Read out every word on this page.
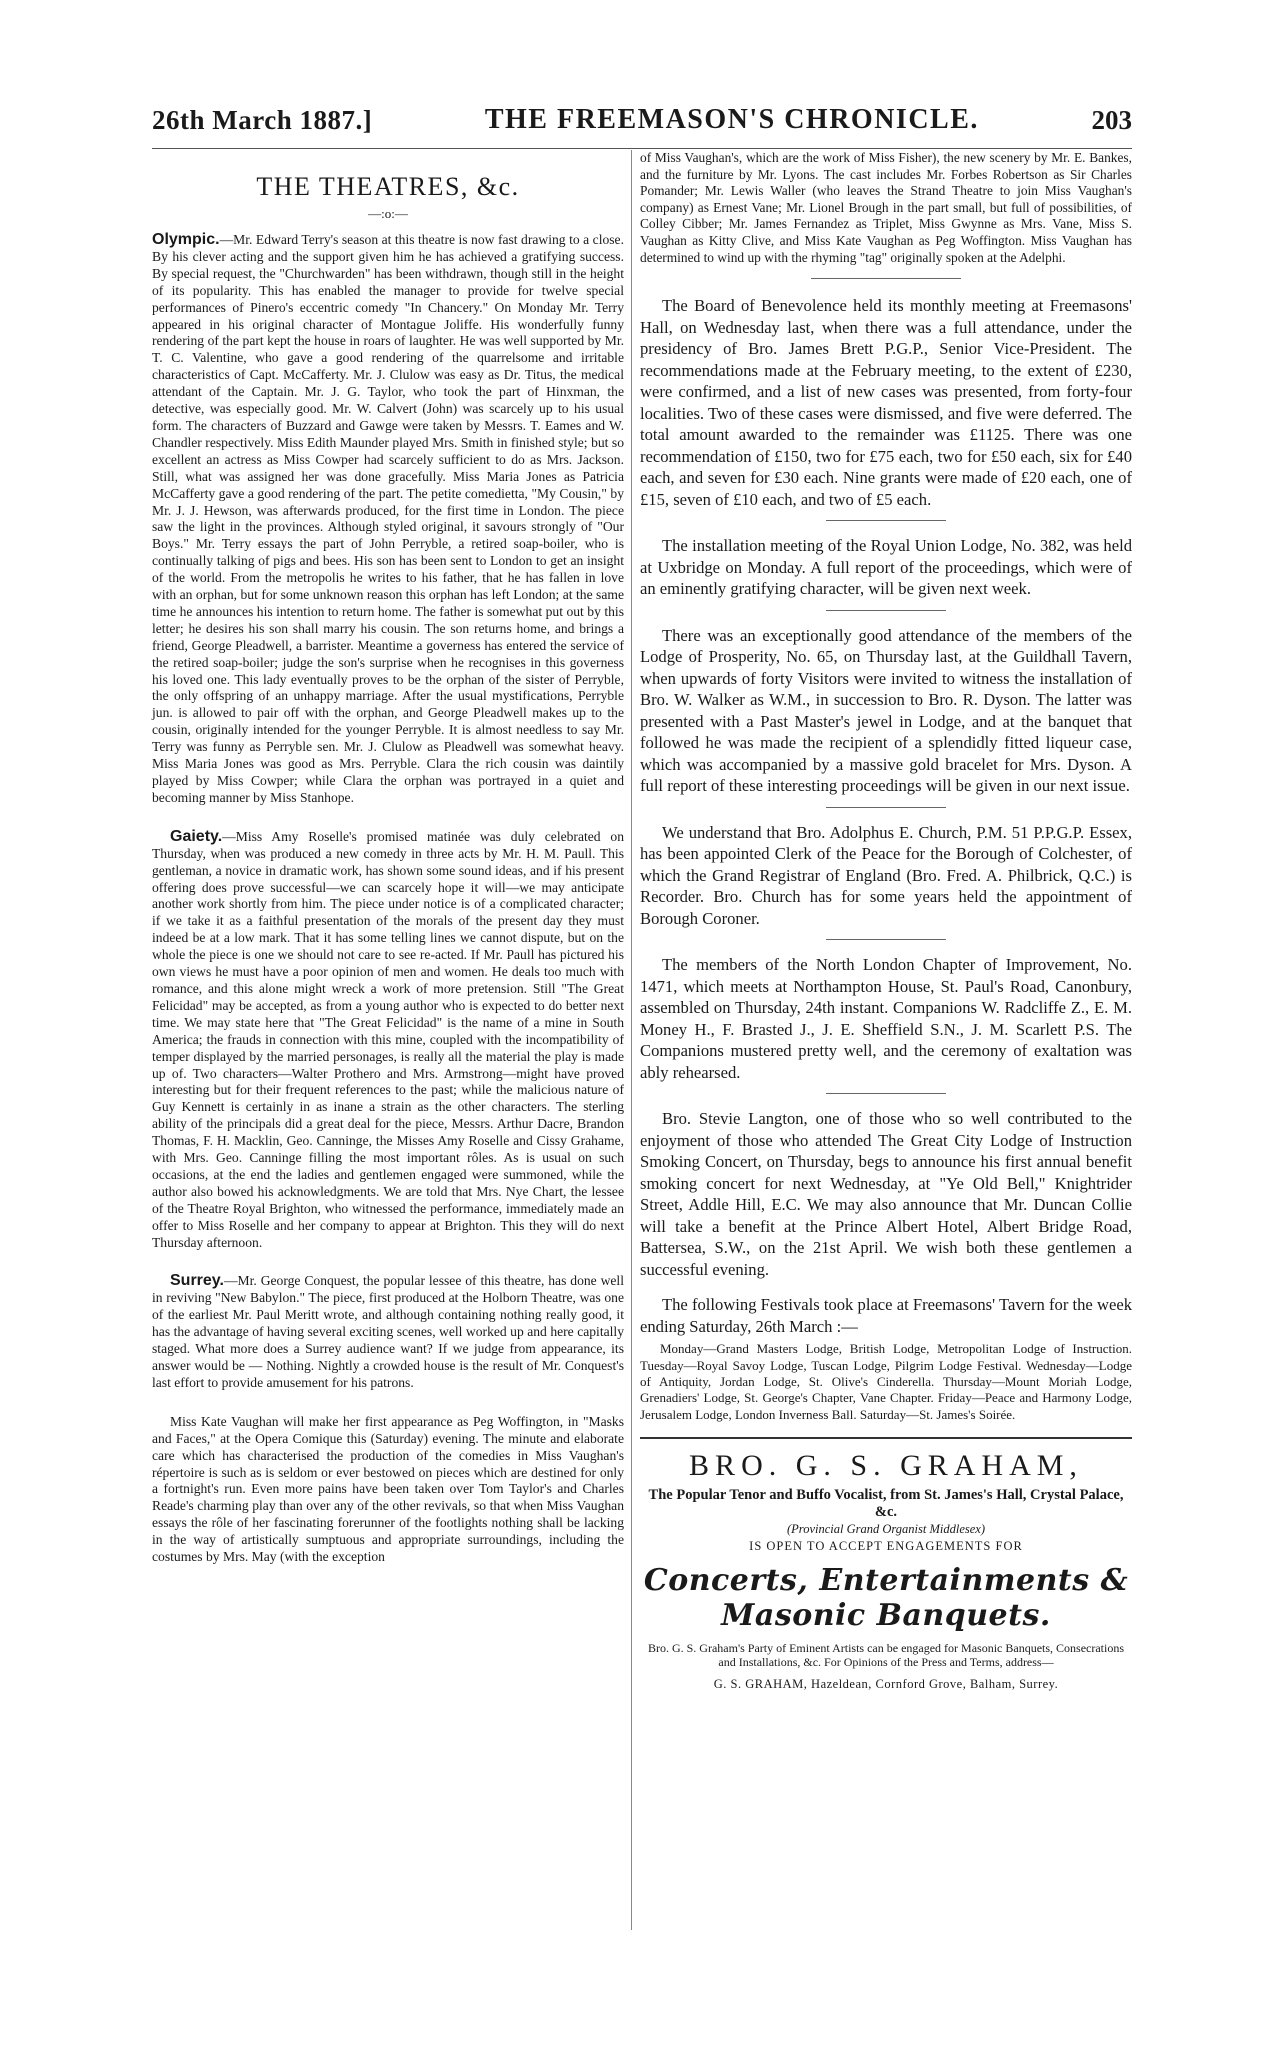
26th March 1887.]	THE FREEMASON'S CHRONICLE.	203
THE THEATRES, &c.
—:o:—

Olympic.—Mr. Edward Terry's season at this theatre is now fast drawing to a close. By his clever acting and the support given him he has achieved a gratifying success. By special request, the "Churchwarden" has been withdrawn, though still in the height of its popularity. This has enabled the manager to provide for twelve special performances of Pinero's eccentric comedy "In Chancery." On Monday Mr. Terry appeared in his original character of Montague Joliffe. His wonderfully funny rendering of the part kept the house in roars of laughter. He was well supported by Mr. T. C. Valentine, who gave a good rendering of the quarrelsome and irritable characteristics of Capt. McCafferty. Mr. J. Clulow was easy as Dr. Titus, the medical attendant of the Captain. Mr. J. G. Taylor, who took the part of Hinxman, the detective, was especially good. Mr. W. Calvert (John) was scarcely up to his usual form. The characters of Buzzard and Gawge were taken by Messrs. T. Eames and W. Chandler respectively. Miss Edith Maunder played Mrs. Smith in finished style; but so excellent an actress as Miss Cowper had scarcely sufficient to do as Mrs. Jackson. Still, what was assigned her was done gracefully. Miss Maria Jones as Patricia McCafferty gave a good rendering of the part. The petite comedietta, "My Cousin," by Mr. J. J. Hewson, was afterwards produced, for the first time in London. The piece saw the light in the provinces. Although styled original, it savours strongly of "Our Boys." Mr. Terry essays the part of John Perryble, a retired soap-boiler, who is continually talking of pigs and bees. His son has been sent to London to get an insight of the world. From the metropolis he writes to his father, that he has fallen in love with an orphan, but for some unknown reason this orphan has left London; at the same time he announces his intention to return home. The father is somewhat put out by this letter; he desires his son shall marry his cousin. The son returns home, and brings a friend, George Pleadwell, a barrister. Meantime a governess has entered the service of the retired soap-boiler; judge the son's surprise when he recognises in this governess his loved one. This lady eventually proves to be the orphan of the sister of Perryble, the only offspring of an unhappy marriage. After the usual mystifications, Perryble jun. is allowed to pair off with the orphan, and George Pleadwell makes up to the cousin, originally intended for the younger Perryble. It is almost needless to say Mr. Terry was funny as Perryble sen. Mr. J. Clulow as Pleadwell was somewhat heavy. Miss Maria Jones was good as Mrs. Perryble. Clara the rich cousin was daintily played by Miss Cowper; while Clara the orphan was portrayed in a quiet and becoming manner by Miss Stanhope.

Gaiety.—Miss Amy Roselle's promised matinée was duly celebrated on Thursday, when was produced a new comedy in three acts by Mr. H. M. Paull. This gentleman, a novice in dramatic work, has shown some sound ideas, and if his present offering does prove successful—we can scarcely hope it will—we may anticipate another work shortly from him. The piece under notice is of a complicated character; if we take it as a faithful presentation of the morals of the present day they must indeed be at a low mark. That it has some telling lines we cannot dispute, but on the whole the piece is one we should not care to see re-acted. If Mr. Paull has pictured his own views he must have a poor opinion of men and women. He deals too much with romance, and this alone might wreck a work of more pretension. Still "The Great Felicidad" may be accepted, as from a young author who is expected to do better next time. We may state here that "The Great Felicidad" is the name of a mine in South America; the frauds in connection with this mine, coupled with the incompatibility of temper displayed by the married personages, is really all the material the play is made up of. Two characters—Walter Prothero and Mrs. Armstrong—might have proved interesting but for their frequent references to the past; while the malicious nature of Guy Kennett is certainly in as inane a strain as the other characters. The sterling ability of the principals did a great deal for the piece, Messrs. Arthur Dacre, Brandon Thomas, F. H. Macklin, Geo. Canninge, the Misses Amy Roselle and Cissy Grahame, with Mrs. Geo. Canninge filling the most important rôles. As is usual on such occasions, at the end the ladies and gentlemen engaged were summoned, while the author also bowed his acknowledgments. We are told that Mrs. Nye Chart, the lessee of the Theatre Royal Brighton, who witnessed the performance, immediately made an offer to Miss Roselle and her company to appear at Brighton. This they will do next Thursday afternoon.

Surrey.—Mr. George Conquest, the popular lessee of this theatre, has done well in reviving "New Babylon." The piece, first produced at the Holborn Theatre, was one of the earliest Mr. Paul Meritt wrote, and although containing nothing really good, it has the advantage of having several exciting scenes, well worked up and here capitally staged. What more does a Surrey audience want? If we judge from appearance, its answer would be — Nothing. Nightly a crowded house is the result of Mr. Conquest's last effort to provide amusement for his patrons.

Miss Kate Vaughan will make her first appearance as Peg Woffington, in "Masks and Faces," at the Opera Comique this (Saturday) evening. The minute and elaborate care which has characterised the production of the comedies in Miss Vaughan's répertoire is such as is seldom or ever bestowed on pieces which are destined for only a fortnight's run. Even more pains have been taken over Tom Taylor's and Charles Reade's charming play than over any of the other revivals, so that when Miss Vaughan essays the rôle of her fascinating forerunner of the footlights nothing shall be lacking in the way of artistically sumptuous and appropriate surroundings, including the costumes by Mrs. May (with the exception

of Miss Vaughan's, which are the work of Miss Fisher), the new scenery by Mr. E. Bankes, and the furniture by Mr. Lyons. The cast includes Mr. Forbes Robertson as Sir Charles Pomander; Mr. Lewis Waller (who leaves the Strand Theatre to join Miss Vaughan's company) as Ernest Vane; Mr. Lionel Brough in the part small, but full of possibilities, of Colley Cibber; Mr. James Fernandez as Triplet, Miss Gwynne as Mrs. Vane, Miss S. Vaughan as Kitty Clive, and Miss Kate Vaughan as Peg Woffington. Miss Vaughan has determined to wind up with the rhyming "tag" originally spoken at the Adelphi.

The Board of Benevolence held its monthly meeting at Freemasons' Hall, on Wednesday last, when there was a full attendance, under the presidency of Bro. James Brett P.G.P., Senior Vice-President. The recommendations made at the February meeting, to the extent of £230, were confirmed, and a list of new cases was presented, from forty-four localities. Two of these cases were dismissed, and five were deferred. The total amount awarded to the remainder was £1125. There was one recommendation of £150, two for £75 each, two for £50 each, six for £40 each, and seven for £30 each. Nine grants were made of £20 each, one of £15, seven of £10 each, and two of £5 each.

The installation meeting of the Royal Union Lodge, No. 382, was held at Uxbridge on Monday. A full report of the proceedings, which were of an eminently gratifying character, will be given next week.

There was an exceptionally good attendance of the members of the Lodge of Prosperity, No. 65, on Thursday last, at the Guildhall Tavern, when upwards of forty Visitors were invited to witness the installation of Bro. W. Walker as W.M., in succession to Bro. R. Dyson. The latter was presented with a Past Master's jewel in Lodge, and at the banquet that followed he was made the recipient of a splendidly fitted liqueur case, which was accompanied by a massive gold bracelet for Mrs. Dyson. A full report of these interesting proceedings will be given in our next issue.

We understand that Bro. Adolphus E. Church, P.M. 51 P.P.G.P. Essex, has been appointed Clerk of the Peace for the Borough of Colchester, of which the Grand Registrar of England (Bro. Fred. A. Philbrick, Q.C.) is Recorder. Bro. Church has for some years held the appointment of Borough Coroner.

The members of the North London Chapter of Improvement, No. 1471, which meets at Northampton House, St. Paul's Road, Canonbury, assembled on Thursday, 24th instant. Companions W. Radcliffe Z., E. M. Money H., F. Brasted J., J. E. Sheffield S.N., J. M. Scarlett P.S. The Companions mustered pretty well, and the ceremony of exaltation was ably rehearsed.

Bro. Stevie Langton, one of those who so well contributed to the enjoyment of those who attended The Great City Lodge of Instruction Smoking Concert, on Thursday, begs to announce his first annual benefit smoking concert for next Wednesday, at "Ye Old Bell," Knightrider Street, Addle Hill, E.C. We may also announce that Mr. Duncan Collie will take a benefit at the Prince Albert Hotel, Albert Bridge Road, Battersea, S.W., on the 21st April. We wish both these gentlemen a successful evening.

The following Festivals took place at Freemasons' Tavern for the week ending Saturday, 26th March :—

Monday—Grand Masters Lodge, British Lodge, Metropolitan Lodge of Instruction. Tuesday—Royal Savoy Lodge, Tuscan Lodge, Pilgrim Lodge Festival. Wednesday—Lodge of Antiquity, Jordan Lodge, St. Olive's Cinderella. Thursday—Mount Moriah Lodge, Grenadiers' Lodge, St. George's Chapter, Vane Chapter. Friday—Peace and Harmony Lodge, Jerusalem Lodge, London Inverness Ball. Saturday—St. James's Soirée.

BRO. G. S. GRAHAM,

The Popular Tenor and Buffo Vocalist, from St. James's Hall, Crystal Palace, &c.

(Provincial Grand Organist Middlesex)

IS OPEN TO ACCEPT ENGAGEMENTS FOR

Concerts, Entertainments & Masonic Banquets.

Bro. G. S. Graham's Party of Eminent Artists can be engaged for Masonic Banquets, Consecrations and Installations, &c. For Opinions of the Press and Terms, address—

G. S. GRAHAM, Hazeldean, Cornford Grove, Balham, Surrey.
